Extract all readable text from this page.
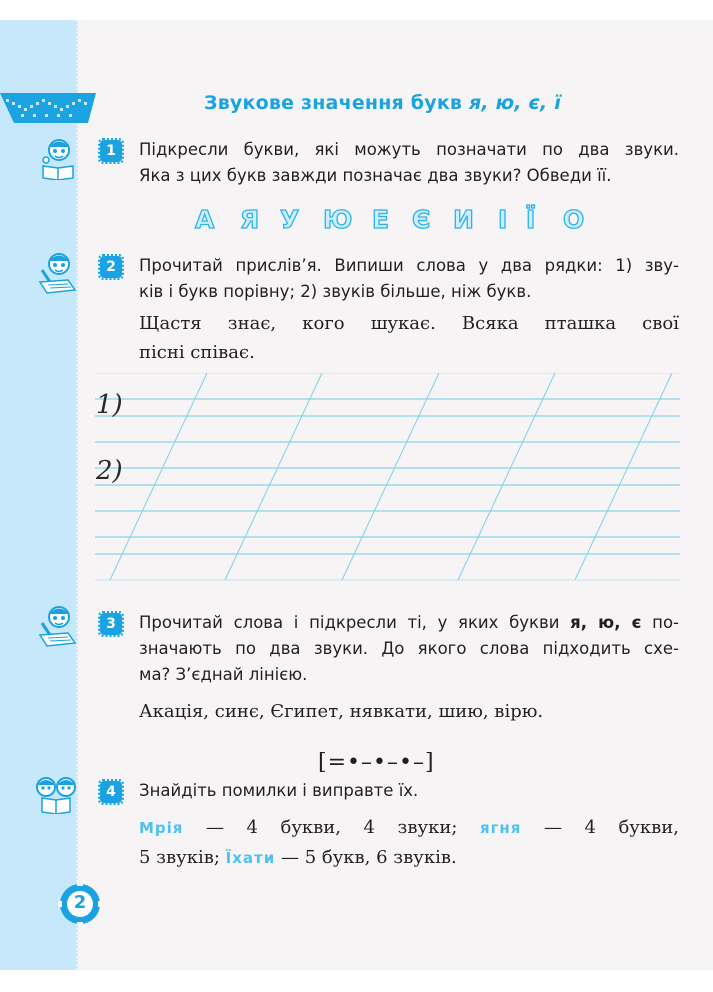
Звукове значення букв я, ю, є, ї
1	Підкресли букви, які можуть позначати по два звуки.
Яка з цих букв завжди позначає два звуки? Обведи її.
А Я У Ю Е Є И І Ї О
2	Прочитай прислів’я. Випиши слова у два рядки: 1) зву-
ків і букв порівну; 2) звуків більше, ніж букв.
Щастя знає, кого шукає. Всяка пташка свої
пісні співає.
1)
2)
3	Прочитай слова і підкресли ті, у яких букви я, ю, є по-
значають по два звуки. До якого слова підходить схе-
ма? З’єднай лінією.
Акація, синє, Єгипет, нявкати, шию, вірю.
[=•–•–•–]
4	Знайдіть помилки і виправте їх.
Мрія — 4 букви, 4 звуки; ягня — 4 букви,
5 звуків; Їхати — 5 букв, 6 звуків.
2
